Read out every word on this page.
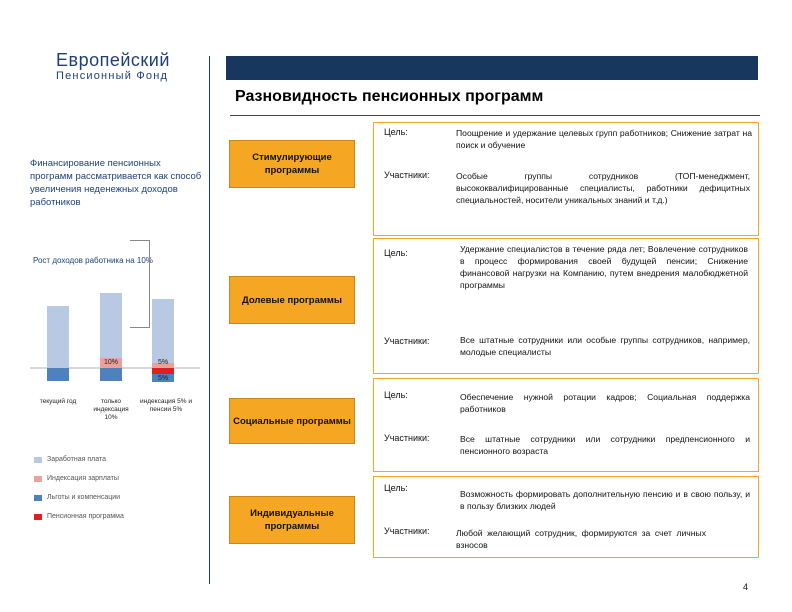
Европейский
Пенсионный Фонд
Разновидность пенсионных программ
Финансирование пенсионных программ рассматривается как способ увеличения неденежных доходов работников
Рост доходов работника на 10%
10%	5%
5%
текущий год	только индексация 10%
индексация 5% и пенсии 5%
Заработная плата
Индексация зарплаты
Льготы и компенсации
Пенсионная программа
Стимулирующие программы
Цель:	Поощрение и удержание целевых групп работников; Снижение затрат на поиск и обучение
Участники:	Особые группы сотрудников (ТОП-менеджмент, высококвалифицированные специалисты, работники дефицитных специальностей, носители уникальных знаний и т.д.)
Долевые программы
Цель:	Удержание специалистов в течение ряда лет; Вовлечение сотрудников в процесс формирования своей будущей пенсии; Снижение финансовой нагрузки на Компанию, путем внедрения малобюджетной программы
Участники:	Все штатные сотрудники или особые группы сотрудников, например, молодые специалисты
Социальные программы
Цель:	Обеспечение нужной ротации кадров; Социальная поддержка работников
Участники:	Все штатные сотрудники или сотрудники предпенсионного и пенсионного возраста
Индивидуальные программы
Цель:
Возможность формировать дополнительную пенсию и в свою пользу, и в пользу близких людей
Участники:	Любой желающий сотрудник, формируются за счет личных взносов
4
